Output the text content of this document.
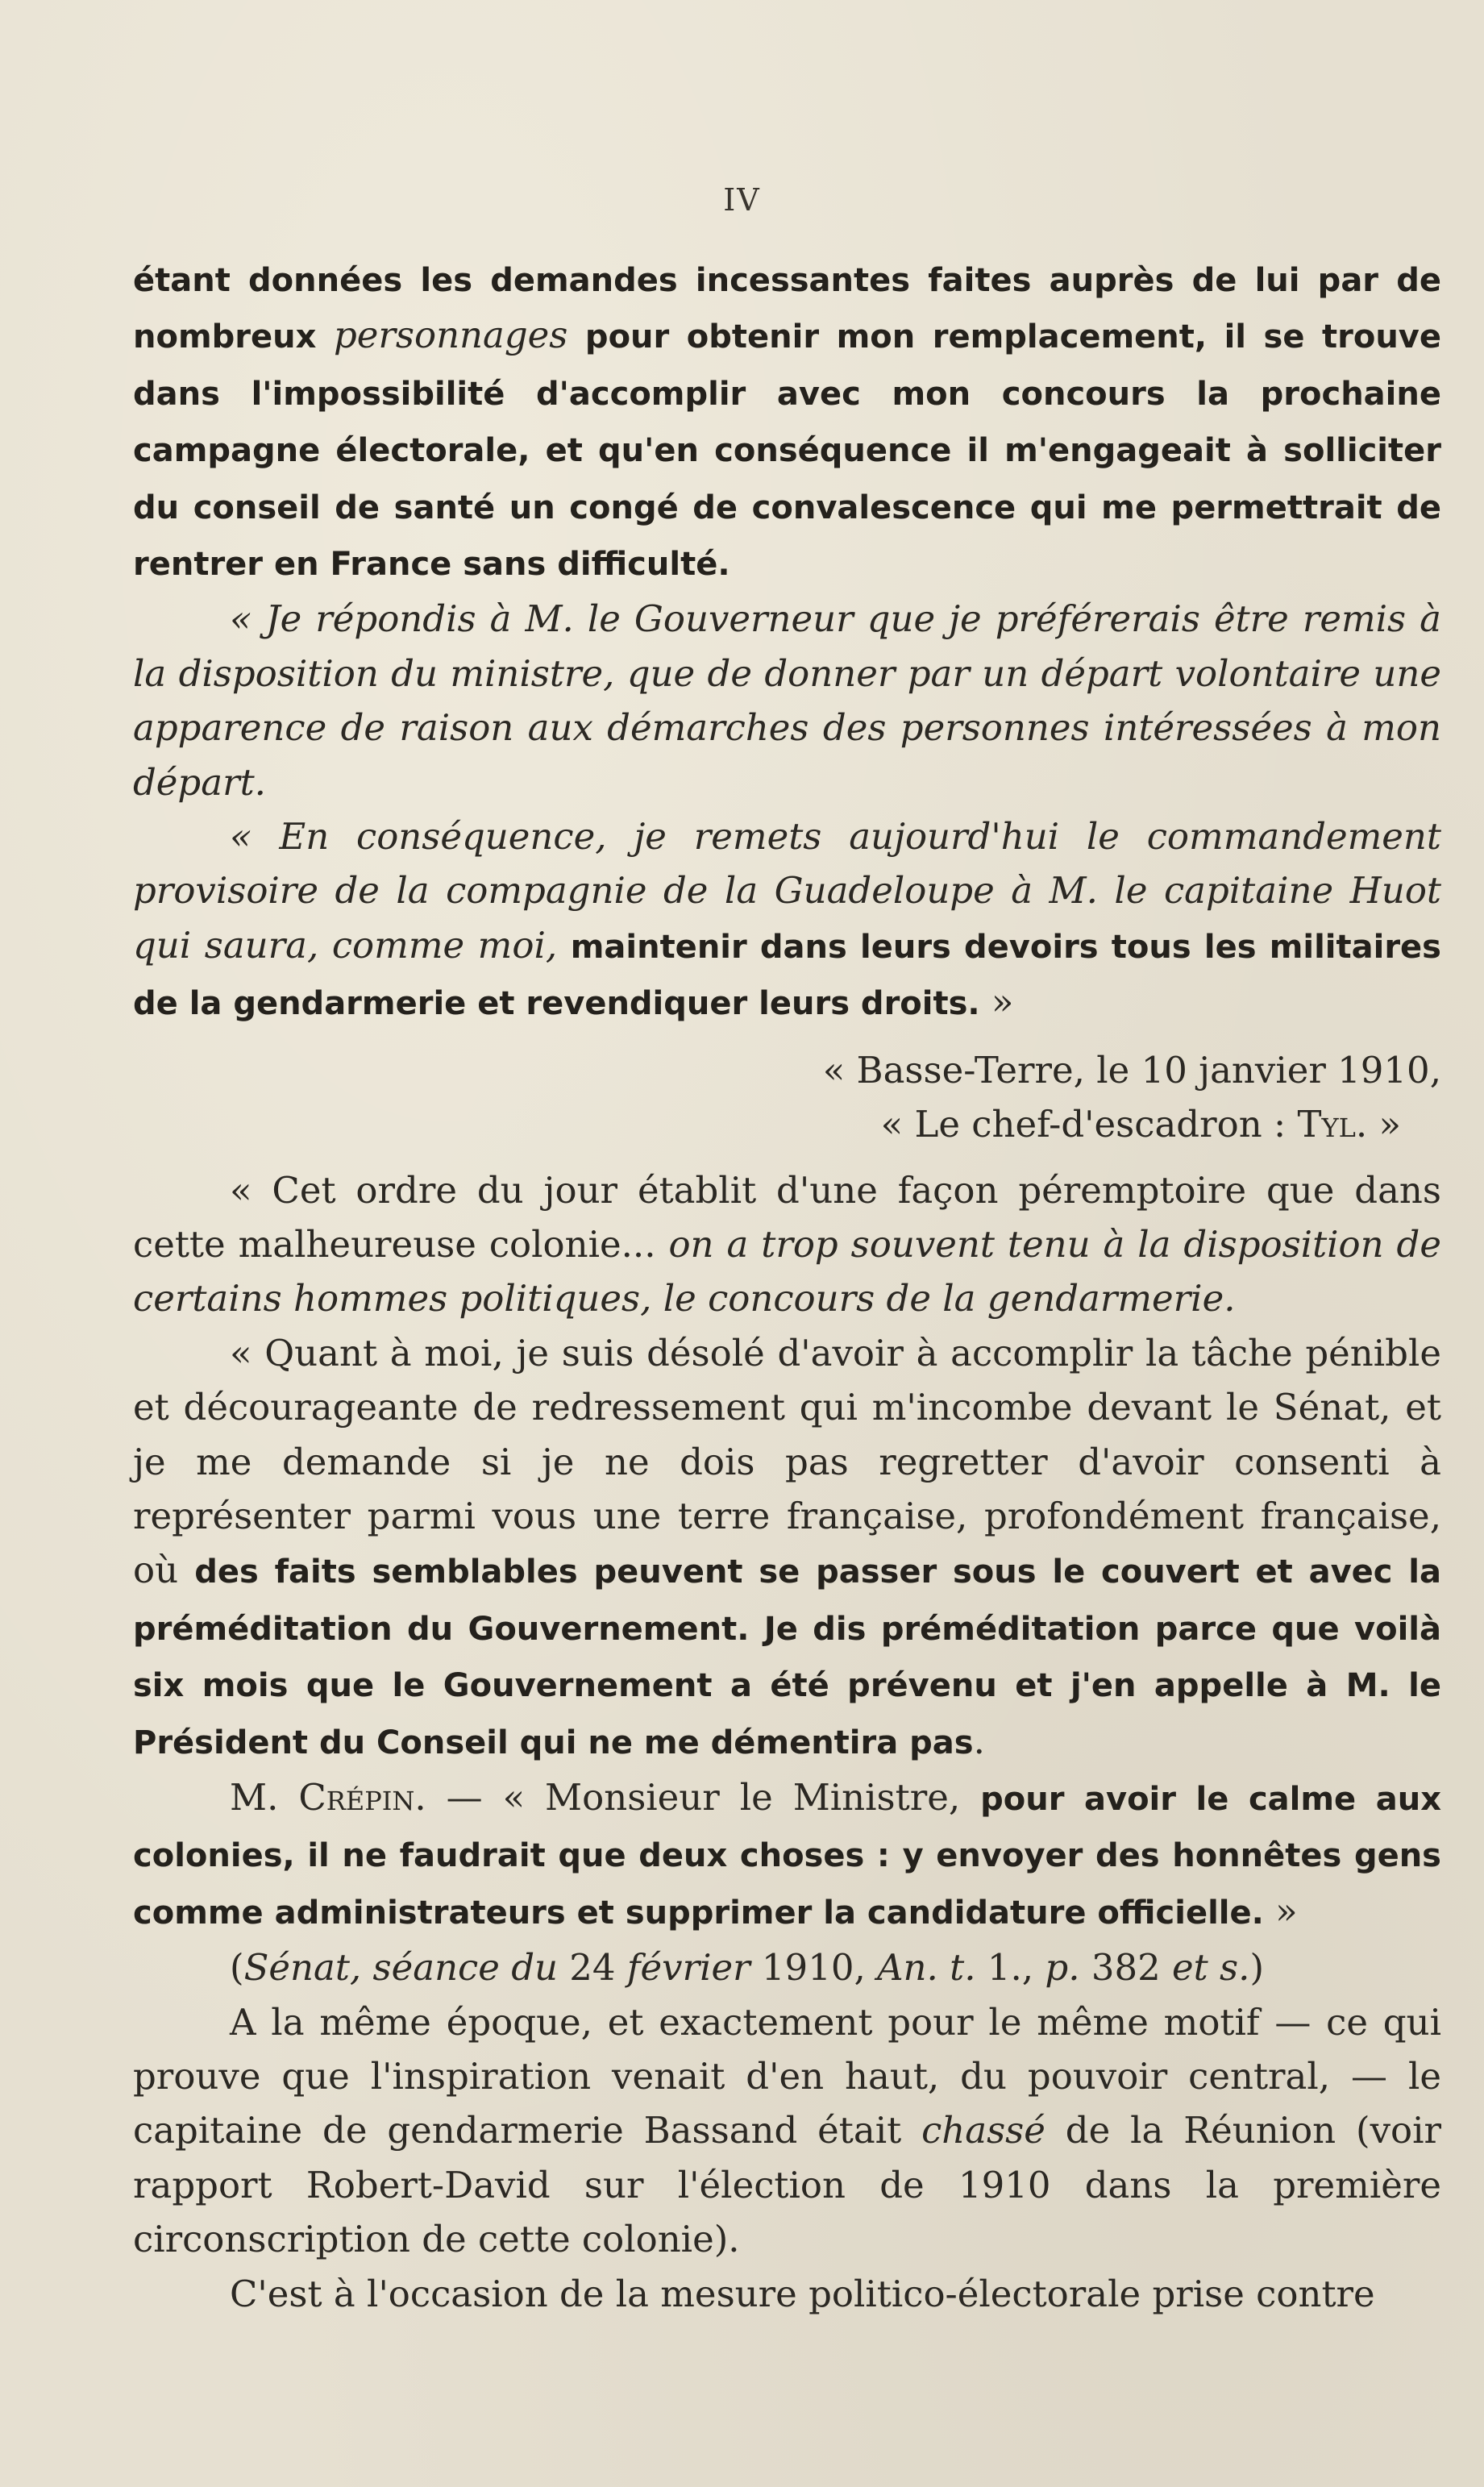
IV

étant données les demandes incessantes faites auprès de lui par de nombreux personnages pour obtenir mon remplacement, il se trouve dans l'impossibilité d'accomplir avec mon concours la prochaine campagne électorale, et qu'en conséquence il m'engageait à solliciter du conseil de santé un congé de convalescence qui me permettrait de rentrer en France sans difficulté.

« Je répondis à M. le Gouverneur que je préférerais être remis à la disposition du ministre, que de donner par un départ volontaire une apparence de raison aux démarches des personnes intéressées à mon départ.

« En conséquence, je remets aujourd'hui le commandement provisoire de la compagnie de la Guadeloupe à M. le capitaine Huot qui saura, comme moi, maintenir dans leurs devoirs tous les militaires de la gendarmerie et revendiquer leurs droits. »

« Basse-Terre, le 10 janvier 1910,

« Le chef-d'escadron : Tyl. »

« Cet ordre du jour établit d'une façon péremptoire que dans cette malheureuse colonie... on a trop souvent tenu à la disposition de certains hommes politiques, le concours de la gendarmerie.

« Quant à moi, je suis désolé d'avoir à accomplir la tâche pénible et décourageante de redressement qui m'incombe devant le Sénat, et je me demande si je ne dois pas regretter d'avoir consenti à représenter parmi vous une terre française, profondément française, où des faits semblables peuvent se passer sous le couvert et avec la préméditation du Gouvernement. Je dis préméditation parce que voilà six mois que le Gouvernement a été prévenu et j'en appelle à M. le Président du Conseil qui ne me démentira pas.

M. Crépin. — « Monsieur le Ministre, pour avoir le calme aux colonies, il ne faudrait que deux choses : y envoyer des honnêtes gens comme administrateurs et supprimer la candidature officielle. »

(Sénat, séance du 24 février 1910, An. t. 1., p. 382 et s.)

A la même époque, et exactement pour le même motif — ce qui prouve que l'inspiration venait d'en haut, du pouvoir central, — le capitaine de gendarmerie Bassand était chassé de la Réunion (voir rapport Robert-David sur l'élection de 1910 dans la première circonscription de cette colonie).

C'est à l'occasion de la mesure politico-électorale prise contre
